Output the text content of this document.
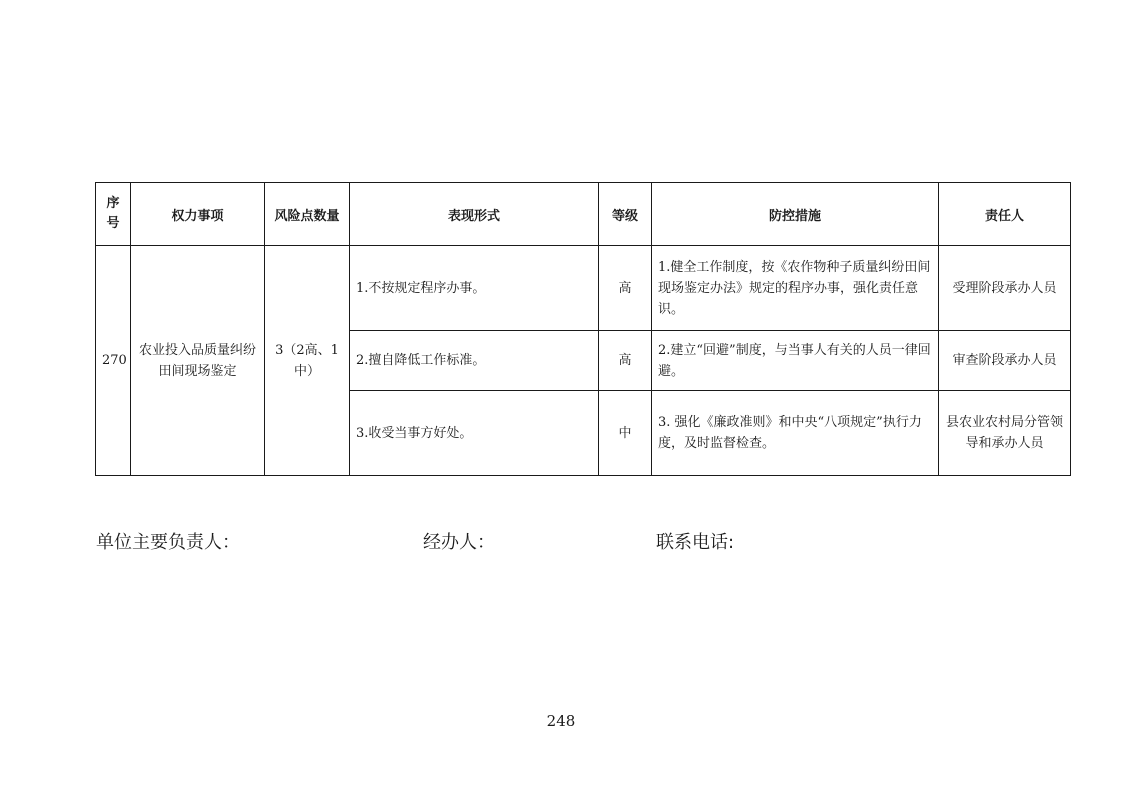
序
号	权力事项	风险点数量	表现形式	等级	防控措施	责任人
270	农业投入品质量纠纷田间现场鉴定	3（2高、1中）	1.不按规定程序办事。	高	1.健全工作制度，按《农作物种子质量纠纷田间现场鉴定办法》规定的程序办事，强化责任意识。	受理阶段承办人员
			2.擅自降低工作标准。	高	2.建立“回避”制度，与当事人有关的人员一律回避。	审查阶段承办人员
			3.收受当事方好处。	中	3. 强化《廉政准则》和中央“八项规定”执行力度，及时监督检查。	县农业农村局分管领导和承办人员
单位主要负责人：	经办人：	联系电话:
248
